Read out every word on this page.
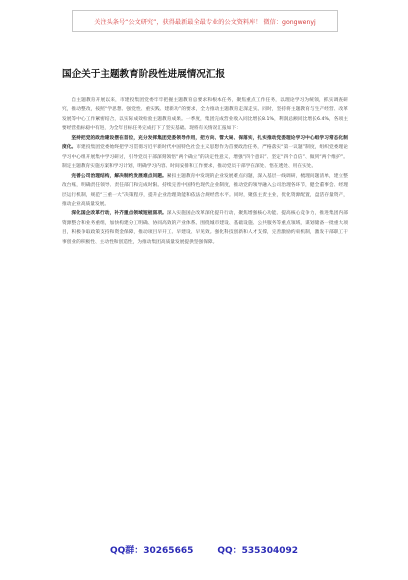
关注头条号“公文研究”，获得最新最全最专业的公文资料库！ 微信：gongwenyj
国企关于主题教育阶段性进展情况汇报

自主题教育开展以来，市建投集团党委牢牢把握主题教育总要求和根本任务，聚焦重点工作任务，以理论学习为统领，抓实调查研究，推动整改，按照“学思想、强党性、重实践、建新功”的要求，全力推动主题教育走深走实。同时，坚持将主题教育与生产经营、改革发展等中心工作紧密结合，以实际成效检验主题教育成果。一季度，集团完成营业收入同比增长8.1%，利润总额同比增长6.4%，各项主要经营指标稳中有进，为全年目标任务完成打下了坚实基础。现将有关情况汇报如下：

坚持把党的政治建设摆在首位，充分发挥集团党委领导作用，把方向、管大局、保落实，扎实推动党委理论学习中心组学习常态化制度化。市建投集团党委始终把学习贯彻习近平新时代中国特色社会主义思想作为首要政治任务，严格落实“第一议题”制度，组织党委理论学习中心组开展集中学习研讨，引导党员干部深刻领悟“两个确立”的决定性意义，增强“四个意识”、坚定“四个自信”、做到“两个维护”。制定主题教育实施方案和学习计划，明确学习内容、时间安排和工作要求，推动党员干部学在深处、悟在透处、用在实处。

完善公司治理结构，解决制约发展难点问题。紧扣主题教育中发现的企业发展难点问题，深入基层一线调研，梳理问题清单，建立整改台账，明确责任领导、责任部门和完成时限。持续完善中国特色现代企业制度，推动党的领导融入公司治理各环节，健全董事会、经理层运行机制，规范“三重一大”决策程序，提升企业治理效能和依法合规经营水平。同时，聚焦主责主业，优化资源配置，盘活存量资产，推动企业高质量发展。

深化国企改革行动，补齐重点领域短板弱项。深入实施国企改革深化提升行动，聚焦增强核心功能、提高核心竞争力，推进集团内部资源整合和业务重组，加快构建分工明确、协同高效的产业体系。围绕城市建设、基础设施、公共服务等重点领域，谋划储备一批重大项目，积极争取政策支持和资金保障，推动项目早开工、早建设、早见效。强化科技创新和人才支撑，完善激励约束机制，激发干部职工干事创业的积极性、主动性和创造性，为推动集团高质量发展提供坚强保障。

QQ群：30265665	QQ：535304092
